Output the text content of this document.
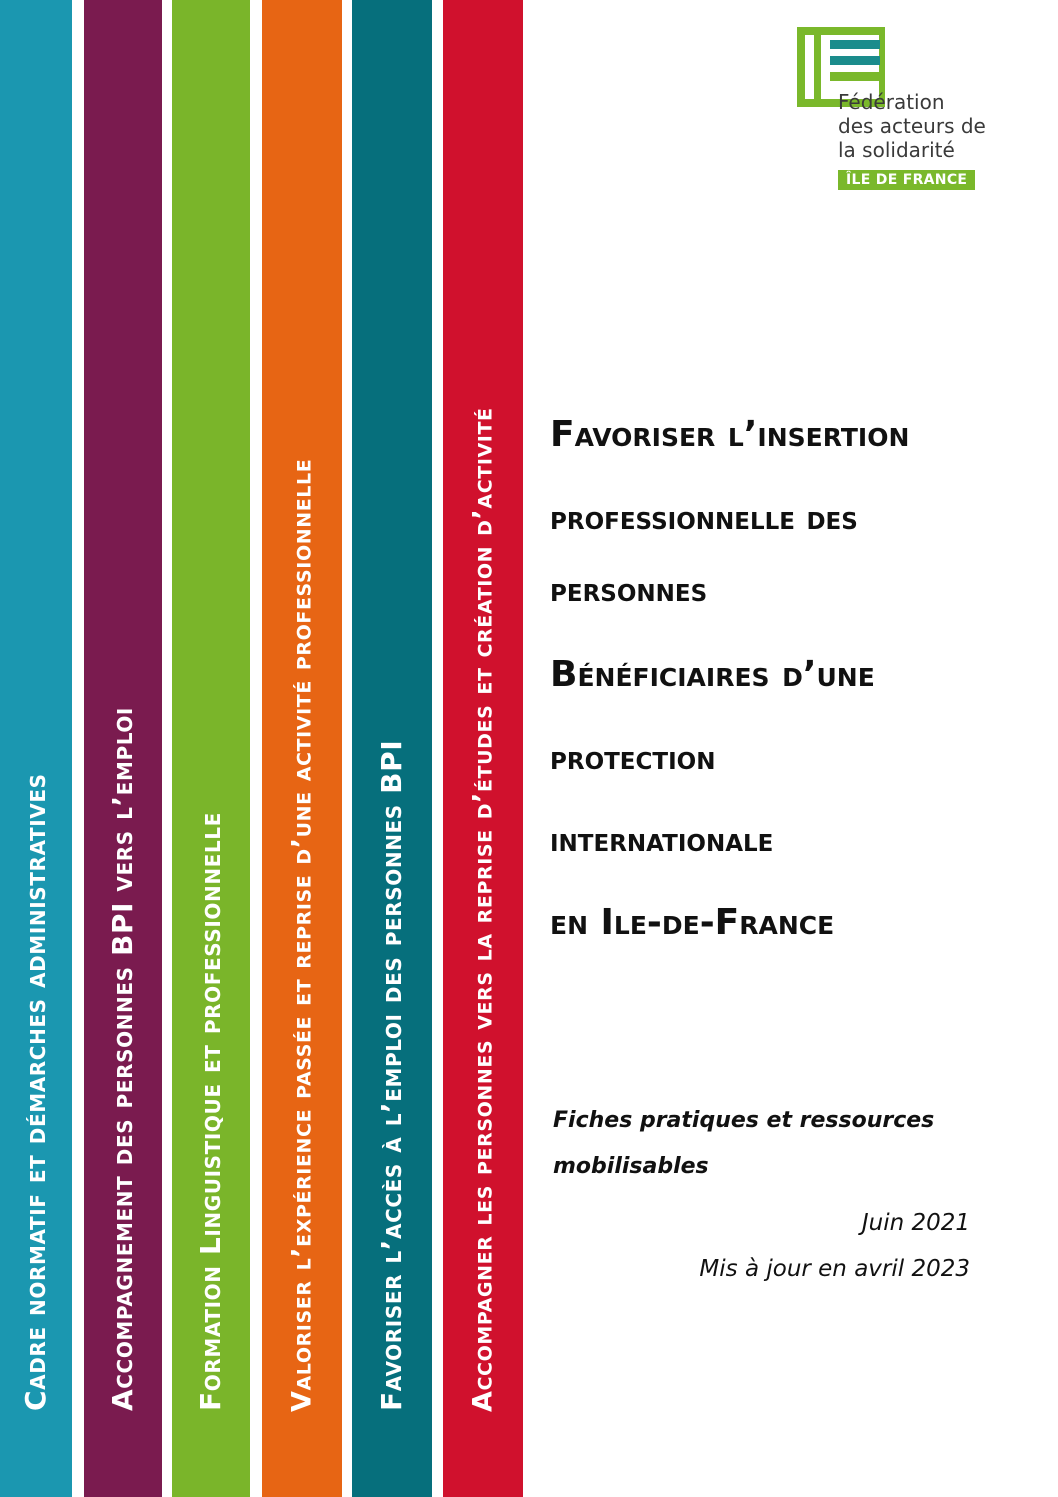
Cadre normatif et démarches administratives Accompagnement des personnes BPI vers l’emploi Formation Linguistique et professionnelle Valoriser l’expérience passée et reprise d’une activité professionnelle Favoriser l’accès à l’emploi des personnes BPI Accompagner les personnes vers la reprise d’études et création d’activité
Fédération
des acteurs de
la solidarité
ÎLE DE FRANCE
Favoriser l’insertion
professionnelle des
personnes
Bénéficiaires d’une
protection
internationale
en Ile-de-France
Fiches pratiques et ressources mobilisables
Juin 2021
Mis à jour en avril 2023
